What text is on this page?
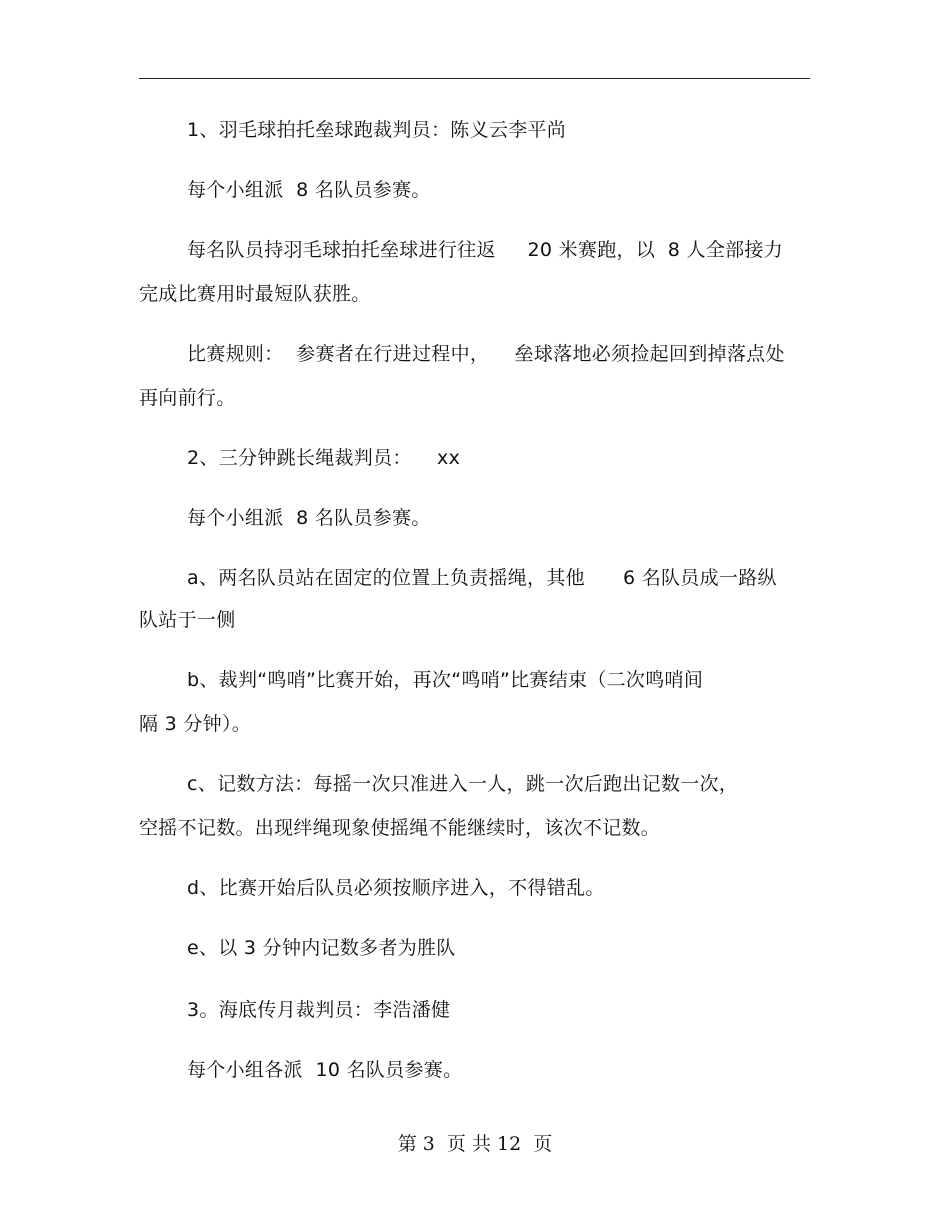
1、羽毛球拍托垒球跑裁判员：陈义云李平尚
每个小组派  8 名队员参赛。
每名队员持羽毛球拍托垒球进行往返     20 米赛跑，以  8 人全部接力
完成比赛用时最短队获胜。
比赛规则：  参赛者在行进过程中，    垒球落地必须捡起回到掉落点处
再向前行。
2、三分钟跳长绳裁判员：    xx
每个小组派  8 名队员参赛。
a、两名队员站在固定的位置上负责摇绳，其他      6 名队员成一路纵
队站于一侧
b、裁判“鸣哨”比赛开始，再次“鸣哨”比赛结束（二次鸣哨间
隔 3 分钟）。
c、记数方法：每摇一次只准进入一人，跳一次后跑出记数一次，
空摇不记数。出现绊绳现象使摇绳不能继续时，该次不记数。
d、比赛开始后队员必须按顺序进入，不得错乱。
e、以 3 分钟内记数多者为胜队
3。海底传月裁判员：李浩潘健
每个小组各派  10 名队员参赛。
第 3  页 共 12  页
